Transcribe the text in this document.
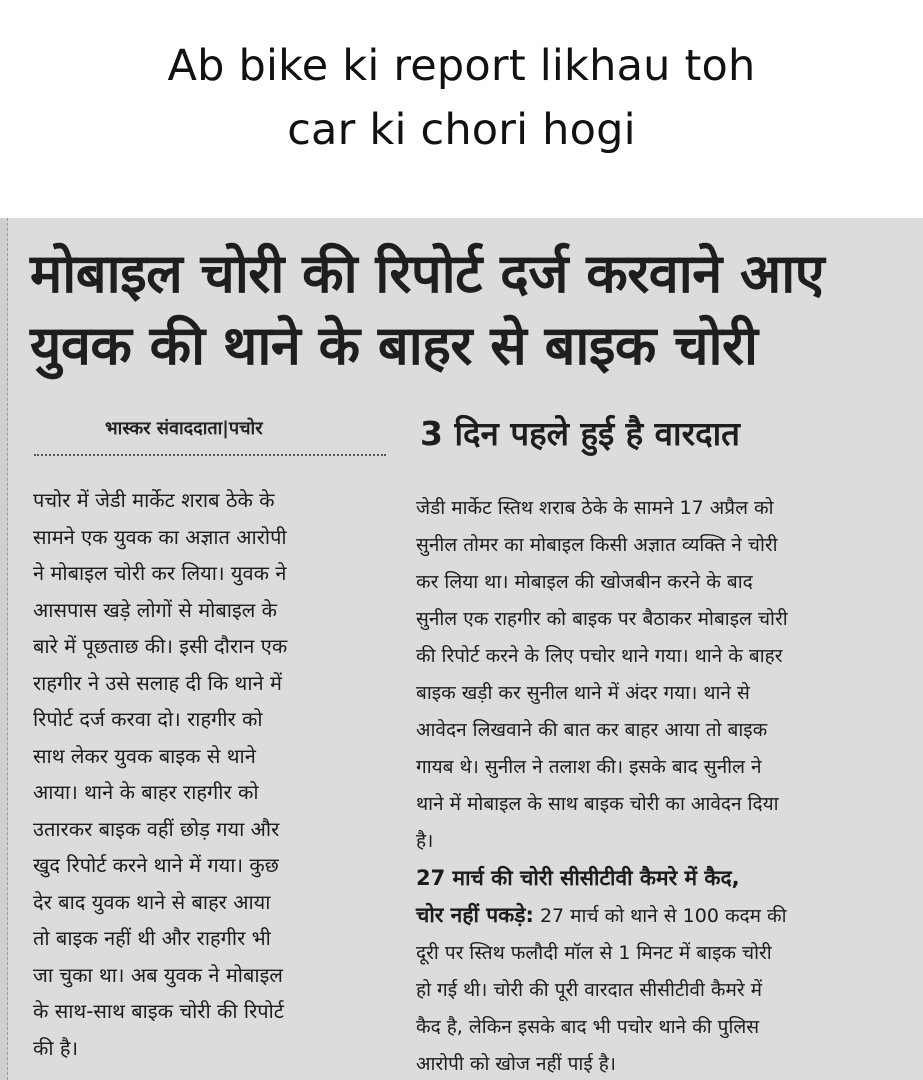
Ab bike ki report likhau toh
car ki chori hogi
मोबाइल चोरी की रिपोर्ट दर्ज करवाने आए
युवक की थाने के बाहर से बाइक चोरी
भास्कर संवाददाता|पचोर
पचोर में जेडी मार्केट शराब ठेके के
सामने एक युवक का अज्ञात आरोपी
ने मोबाइल चोरी कर लिया। युवक ने
आसपास खड़े लोगों से मोबाइल के
बारे में पूछताछ की। इसी दौरान एक
राहगीर ने उसे सलाह दी कि थाने में
रिपोर्ट दर्ज करवा दो। राहगीर को
साथ लेकर युवक बाइक से थाने
आया। थाने के बाहर राहगीर को
उतारकर बाइक वहीं छोड़ गया और
खुद रिपोर्ट करने थाने में गया। कुछ
देर बाद युवक थाने से बाहर आया
तो बाइक नहीं थी और राहगीर भी
जा चुका था। अब युवक ने मोबाइल
के साथ-साथ बाइक चोरी की रिपोर्ट
की है।
3 दिन पहले हुई है वारदात

जेडी मार्केट स्तिथ शराब ठेके के सामने 17 अप्रैल को
सुनील तोमर का मोबाइल किसी अज्ञात व्यक्ति ने चोरी
कर लिया था। मोबाइल की खोजबीन करने के बाद
सुनील एक राहगीर को बाइक पर बैठाकर मोबाइल चोरी
की रिपोर्ट करने के लिए पचोर थाने गया। थाने के बाहर
बाइक खड़ी कर सुनील थाने में अंदर गया। थाने से
आवेदन लिखवाने की बात कर बाहर आया तो बाइक
गायब थे। सुनील ने तलाश की। इसके बाद सुनील ने
थाने में मोबाइल के साथ बाइक चोरी का आवेदन दिया
है।

27 मार्च की चोरी सीसीटीवी कैमरे में कैद,
चोर नहीं पकड़े: 27 मार्च को थाने से 100 कदम की
दूरी पर स्तिथ फलौदी मॉल से 1 मिनट में बाइक चोरी
हो गई थी। चोरी की पूरी वारदात सीसीटीवी कैमरे में
कैद है, लेकिन इसके बाद भी पचोर थाने की पुलिस
आरोपी को खोज नहीं पाई है।
